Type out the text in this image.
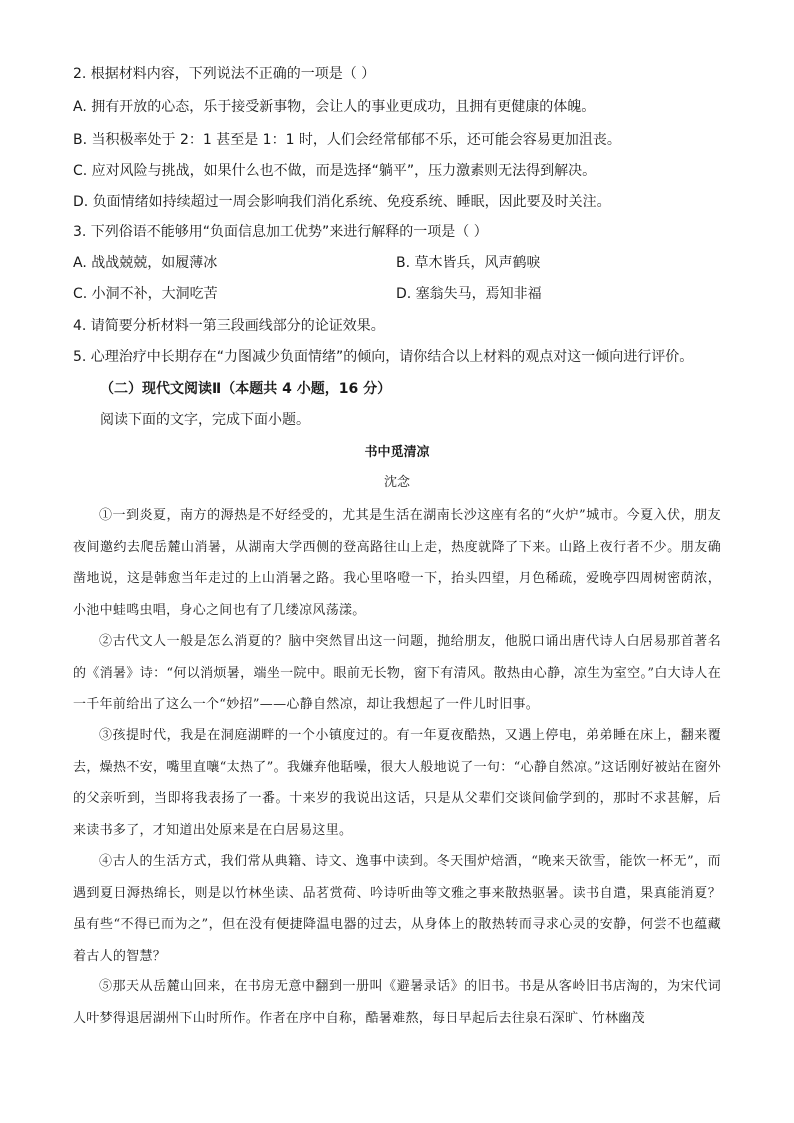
2. 根据材料内容，下列说法不正确的一项是（ ）
A. 拥有开放的心态，乐于接受新事物，会让人的事业更成功，且拥有更健康的体魄。
B. 当积极率处于 2：1 甚至是 1：1 时，人们会经常郁郁不乐，还可能会容易更加沮丧。
C. 应对风险与挑战，如果什么也不做，而是选择“躺平”，压力激素则无法得到解决。
D. 负面情绪如持续超过一周会影响我们消化系统、免疫系统、睡眠，因此要及时关注。
3. 下列俗语不能够用“负面信息加工优势”来进行解释的一项是（ ）
A. 战战兢兢，如履薄冰	B. 草木皆兵，风声鹤唳
C. 小洞不补，大洞吃苦	D. 塞翁失马，焉知非福
4. 请简要分析材料一第三段画线部分的论证效果。
5. 心理治疗中长期存在“力图减少负面情绪”的倾向，请你结合以上材料的观点对这一倾向进行评价。
（二）现代文阅读Ⅱ（本题共 4 小题，16 分）
阅读下面的文字，完成下面小题。
书中觅清凉
沈念
①一到炎夏，南方的溽热是不好经受的，尤其是生活在湖南长沙这座有名的“火炉”城市。今夏入伏，朋友夜间邀约去爬岳麓山消暑，从湖南大学西侧的登高路往山上走，热度就降了下来。山路上夜行者不少。朋友确凿地说，这是韩愈当年走过的上山消暑之路。我心里咯噔一下，抬头四望，月色稀疏，爱晚亭四周树密荫浓，小池中蛙鸣虫唱，身心之间也有了几缕凉风荡漾。
②古代文人一般是怎么消夏的？脑中突然冒出这一问题，抛给朋友，他脱口诵出唐代诗人白居易那首著名的《消暑》诗：“何以消烦暑，端坐一院中。眼前无长物，窗下有清风。散热由心静，凉生为室空。”白大诗人在一千年前给出了这么一个“妙招”——心静自然凉，却让我想起了一件儿时旧事。
③孩提时代，我是在洞庭湖畔的一个小镇度过的。有一年夏夜酷热，又遇上停电，弟弟睡在床上，翻来覆去，燥热不安，嘴里直嚷“太热了”。我嫌弃他聒噪，很大人般地说了一句：“心静自然凉。”这话刚好被站在窗外的父亲听到，当即将我表扬了一番。十来岁的我说出这话，只是从父辈们交谈间偷学到的，那时不求甚解，后来读书多了，才知道出处原来是在白居易这里。
④古人的生活方式，我们常从典籍、诗文、逸事中读到。冬天围炉焙酒，“晚来天欲雪，能饮一杯无”，而遇到夏日溽热绵长，则是以竹林坐读、品茗赏荷、吟诗听曲等文雅之事来散热驱暑。读书自遣，果真能消夏？虽有些“不得已而为之”，但在没有便捷降温电器的过去，从身体上的散热转而寻求心灵的安静，何尝不也蕴藏着古人的智慧？
⑤那天从岳麓山回来，在书房无意中翻到一册叫《避暑录话》的旧书。书是从客岭旧书店淘的，为宋代词人叶梦得退居湖州下山时所作。作者在序中自称，酷暑难熬，每日早起后去往泉石深旷、竹林幽茂
